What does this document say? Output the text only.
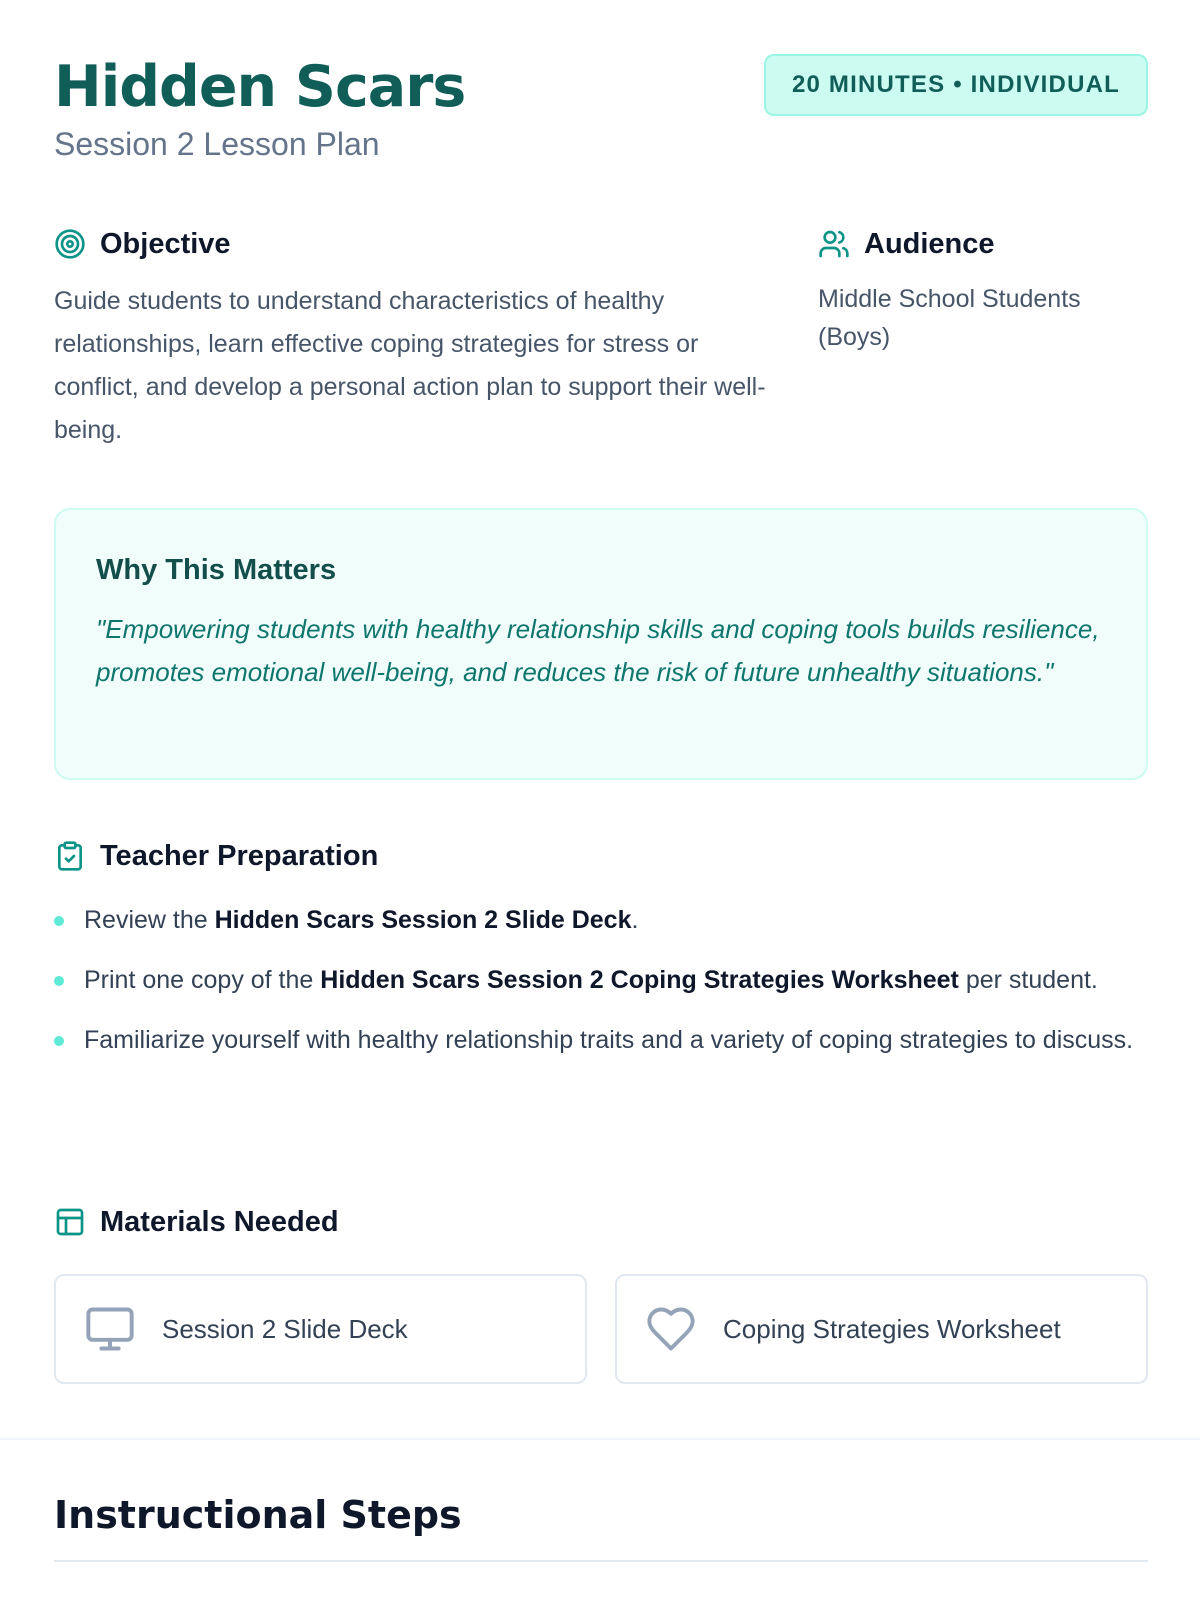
Hidden Scars

Session 2 Lesson Plan

20 MINUTES • INDIVIDUAL
Objective

Guide students to understand characteristics of healthy relationships, learn effective coping strategies for stress or conflict, and develop a personal action plan to support their well-being.

Audience

Middle School Students (Boys)

Why This Matters

"Empowering students with healthy relationship skills and coping tools builds resilience, promotes emotional well-being, and reduces the risk of future unhealthy situations."

Teacher Preparation
Review the Hidden Scars Session 2 Slide Deck.
Print one copy of the Hidden Scars Session 2 Coping Strategies Worksheet per student.
Familiarize yourself with healthy relationship traits and a variety of coping strategies to discuss.
Materials Needed
Session 2 Slide Deck	Coping Strategies Worksheet
Instructional Steps
